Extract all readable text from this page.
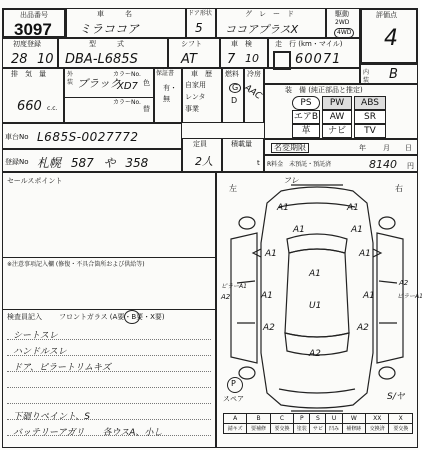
出品番号
3097
車　　　名
ミラココア
ドア形状
5
グ　レ　ー　ド
ココアプラスX
駆動
2WD
4WD
評価点
4
初度登録
28 10
型　　　式
DBA-L685S
シフト
AT
車　検
7 10
走　行 (km・マイル)
60071
内装 B
排　気　量
660 c.c.
外装 ブラック
カラーNo.
XD7 色
カラーNo.
替
保証書
有・無
車　歴
自家用
レンタ
事業
燃料
G
D
冷房
AAC	装　備 (純正部品と推定)
PS	PW	ABS
エアB	AW	SR
革	ナビ	TV
車台No L685S-0027772	定員
2人
積載量
t
名変期限	年 月 日
R料金　未預託・預託済	8140 円
登録No 札幌 587 や 358
セールスポイント
※注意事項記入欄 (修復・不具合箇所および供給等)
検査員記入 フロントガラス (A要・B要・X要)
シートスレ
ハンドルスレ
ドア、ピラートリムキズ
下廻りペイント、S
バッテリーアガリ　　各ウスA、小し
左	右
フレ
A1	A1
A1	A1
A1	A1
A1
A1
A1
U1
A2	A2
A2
ピラーA1
A2
A2
ピラーA1
P
スペア	S/ヤ
A	B	C	P	S	U	W	XX	X
錆キズ	要補修	要交換	塗装	サビ	凹み	補修跡	交換済	要交換
